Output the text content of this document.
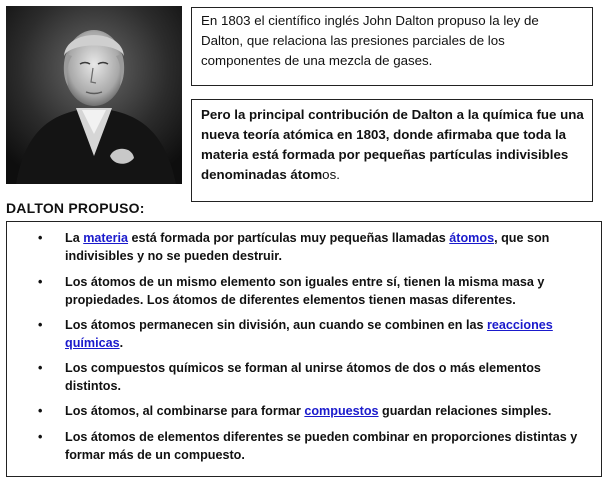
En 1803 el científico inglés John Dalton propuso la ley de Dalton, que relaciona las presiones parciales de los componentes de una mezcla de gases.
Pero la principal contribución de Dalton a la química fue una nueva teoría atómica en 1803, donde afirmaba que toda la materia está formada por pequeñas partículas indivisibles denominadas átomos.
DALTON PROPUSO:
• La materia está formada por partículas muy pequeñas llamadas átomos, que son indivisibles y no se pueden destruir.
• Los átomos de un mismo elemento son iguales entre sí, tienen la misma masa y propiedades. Los átomos de diferentes elementos tienen masas diferentes.
• Los átomos permanecen sin división, aun cuando se combinen en las reacciones químicas.
• Los compuestos químicos se forman al unirse átomos de dos o más elementos distintos.
• Los átomos, al combinarse para formar compuestos guardan relaciones simples.
• Los átomos de elementos diferentes se pueden combinar en proporciones distintas y formar más de un compuesto.
